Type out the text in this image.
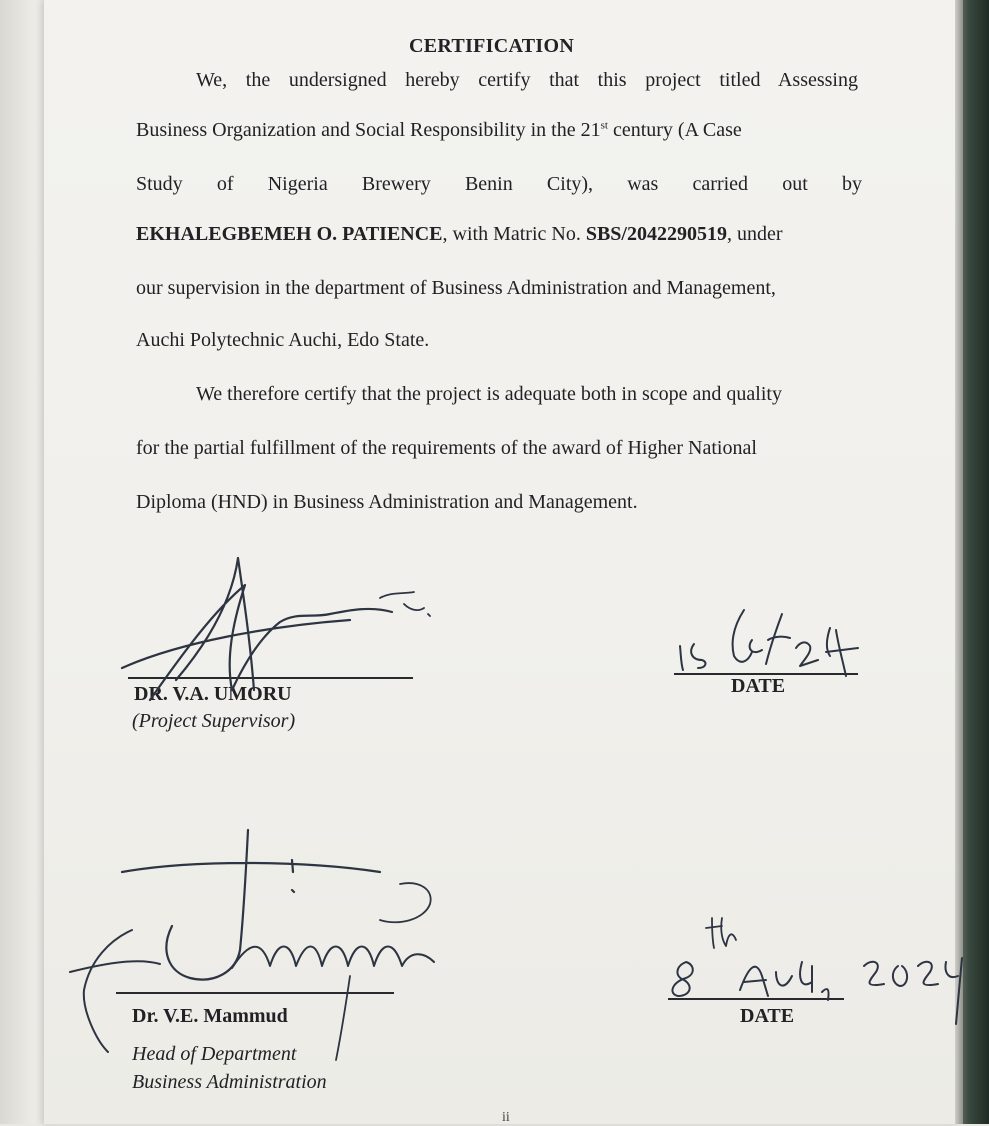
CERTIFICATION

We, the undersigned hereby certify that this project titled Assessing

Business Organization and Social Responsibility in the 21st century (A Case

Study of Nigeria Brewery Benin City), was carried out by

EKHALEGBEMEH O. PATIENCE, with Matric No. SBS/2042290519, under

our supervision in the department of Business Administration and Management,

Auchi Polytechnic Auchi, Edo State.

We therefore certify that the project is adequate both in scope and quality

for the partial fulfillment of the requirements of the award of Higher National

Diploma (HND) in Business Administration and Management.

DR. V.A. UMORU
(Project Supervisor)
DATE
Dr. V.E. Mammud
Head of Department
Business Administration
DATE
ii
